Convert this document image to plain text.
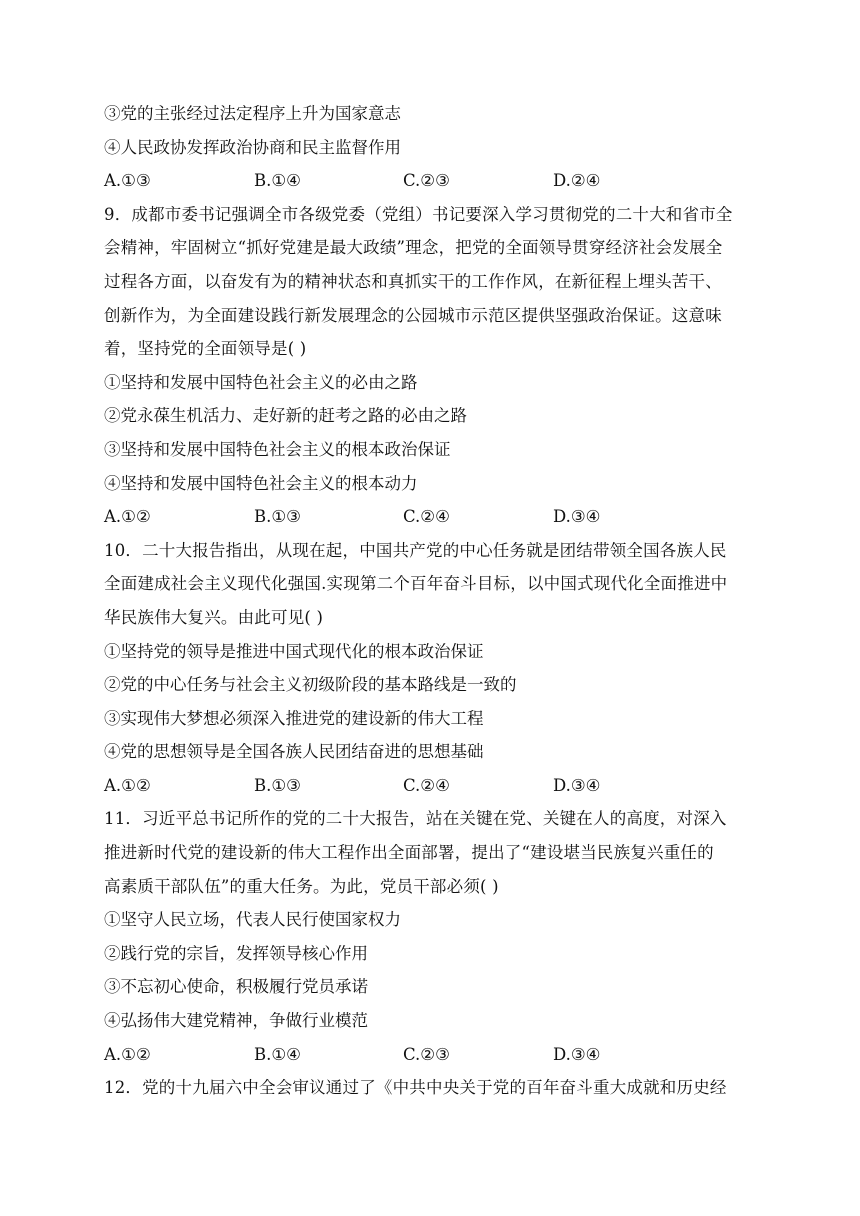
③党的主张经过法定程序上升为国家意志
④人民政协发挥政治协商和民主监督作用
A.①③	B.①④	C.②③	D.②④
9．成都市委书记强调全市各级党委（党组）书记要深入学习贯彻党的二十大和省市全
会精神，牢固树立“抓好党建是最大政绩”理念，把党的全面领导贯穿经济社会发展全
过程各方面，以奋发有为的精神状态和真抓实干的工作作风，在新征程上埋头苦干、
创新作为，为全面建设践行新发展理念的公园城市示范区提供坚强政治保证。这意味
着，坚持党的全面领导是( )
①坚持和发展中国特色社会主义的必由之路
②党永葆生机活力、走好新的赶考之路的必由之路
③坚持和发展中国特色社会主义的根本政治保证
④坚持和发展中国特色社会主义的根本动力
A.①②	B.①③	C.②④	D.③④
10．二十大报告指出，从现在起，中国共产党的中心任务就是团结带领全国各族人民
全面建成社会主义现代化强国.实现第二个百年奋斗目标，以中国式现代化全面推进中
华民族伟大复兴。由此可见( )
①坚持党的领导是推进中国式现代化的根本政治保证
②党的中心任务与社会主义初级阶段的基本路线是一致的
③实现伟大梦想必须深入推进党的建设新的伟大工程
④党的思想领导是全国各族人民团结奋进的思想基础
A.①②	B.①③	C.②④	D.③④
11．习近平总书记所作的党的二十大报告，站在关键在党、关键在人的高度，对深入
推进新时代党的建设新的伟大工程作出全面部署，提出了“建设堪当民族复兴重任的
高素质干部队伍”的重大任务。为此，党员干部必须( )
①坚守人民立场，代表人民行使国家权力
②践行党的宗旨，发挥领导核心作用
③不忘初心使命，积极履行党员承诺
④弘扬伟大建党精神，争做行业模范
A.①②	B.①④	C.②③	D.③④
12．党的十九届六中全会审议通过了《中共中央关于党的百年奋斗重大成就和历史经
